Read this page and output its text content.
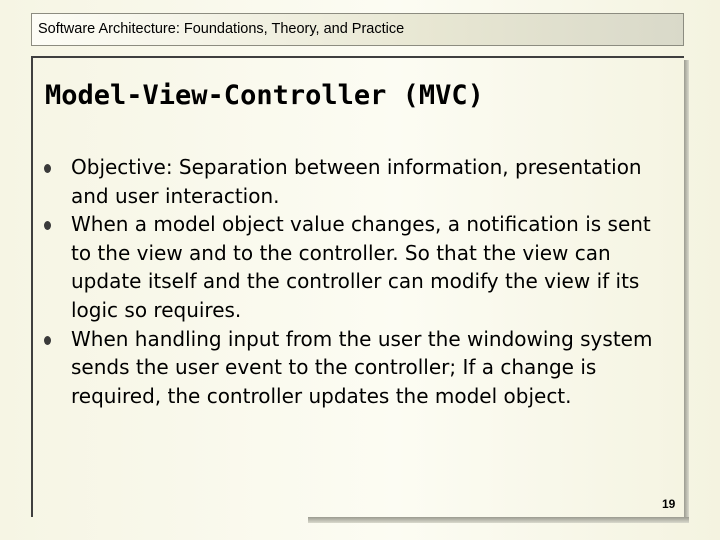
Software Architecture: Foundations, Theory, and Practice
Model-View-Controller (MVC)
Objective: Separation between information, presentation and user interaction.
When a model object value changes, a notification is sent to the view and to the controller. So that the view can update itself and the controller can modify the view if its logic so requires.
When handling input from the user the windowing system sends the user event to the controller; If a change is required, the controller updates the model object.
19
